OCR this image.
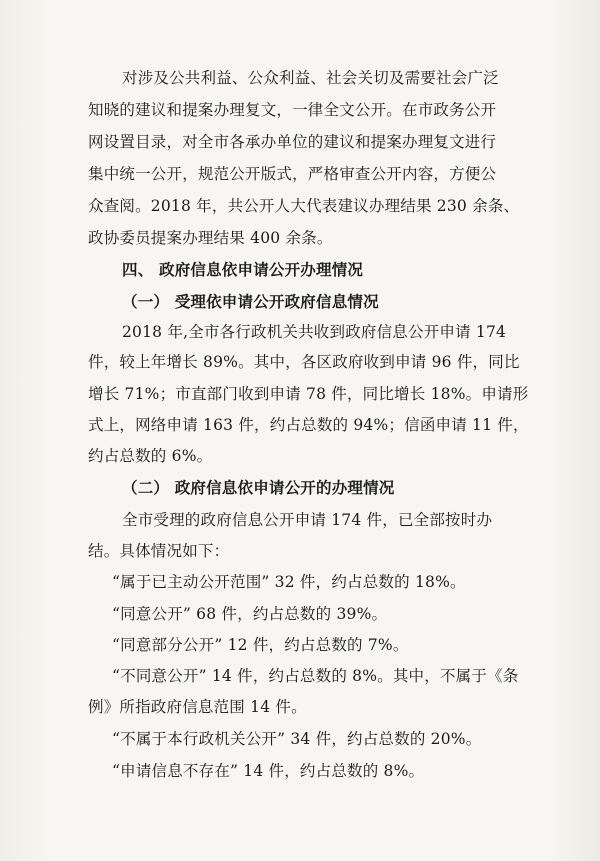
对涉及公共利益、公众利益、社会关切及需要社会广泛
知晓的建议和提案办理复文，一律全文公开。在市政务公开
网设置目录，对全市各承办单位的建议和提案办理复文进行
集中统一公开，规范公开版式，严格审查公开内容，方便公
众查阅。2018 年，共公开人大代表建议办理结果 230 余条、
政协委员提案办理结果 400 余条。
四、 政府信息依申请公开办理情况
（一） 受理依申请公开政府信息情况
2018 年,全市各行政机关共收到政府信息公开申请 174
件，较上年增长 89%。其中，各区政府收到申请 96 件，同比
增长 71%；市直部门收到申请 78 件，同比增长 18%。申请形
式上，网络申请 163 件，约占总数的 94%；信函申请 11 件，
约占总数的 6%。
（二） 政府信息依申请公开的办理情况
全市受理的政府信息公开申请 174 件，已全部按时办
结。具体情况如下：
“属于已主动公开范围” 32 件，约占总数的 18%。
“同意公开” 68 件，约占总数的 39%。
“同意部分公开” 12 件，约占总数的 7%。
“不同意公开” 14 件，约占总数的 8%。其中，不属于《条
例》所指政府信息范围 14 件。
“不属于本行政机关公开” 34 件，约占总数的 20%。
“申请信息不存在” 14 件，约占总数的 8%。
